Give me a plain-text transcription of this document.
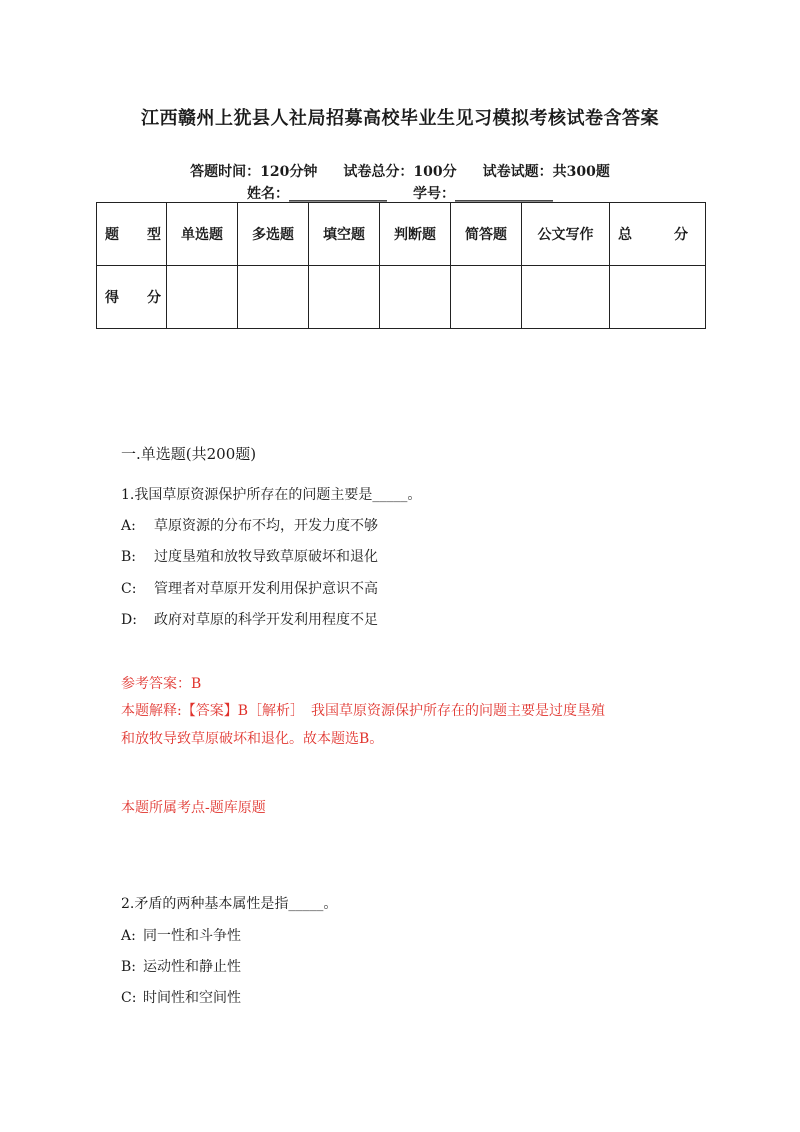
江西赣州上犹县人社局招募高校毕业生见习模拟考核试卷含答案
答题时间：120分钟 试卷总分：100分 试卷试题：共300题
姓名：______________ 学号：______________
题　　型	单选题	多选题	填空题	判断题	简答题	公文写作	总　　　分
得　　分							
一.单选题(共200题)
1.我国草原资源保护所存在的问题主要是_____。
A: 草原资源的分布不均，开发力度不够
B: 过度垦殖和放牧导致草原破坏和退化
C: 管理者对草原开发利用保护意识不高
D: 政府对草原的科学开发利用程度不足
参考答案：B
本题解释:【答案】B［解析］　我国草原资源保护所存在的问题主要是过度垦殖
和放牧导致草原破坏和退化。故本题选B。
本题所属考点-题库原题
2.矛盾的两种基本属性是指_____。
A: 同一性和斗争性
B: 运动性和静止性
C: 时间性和空间性
